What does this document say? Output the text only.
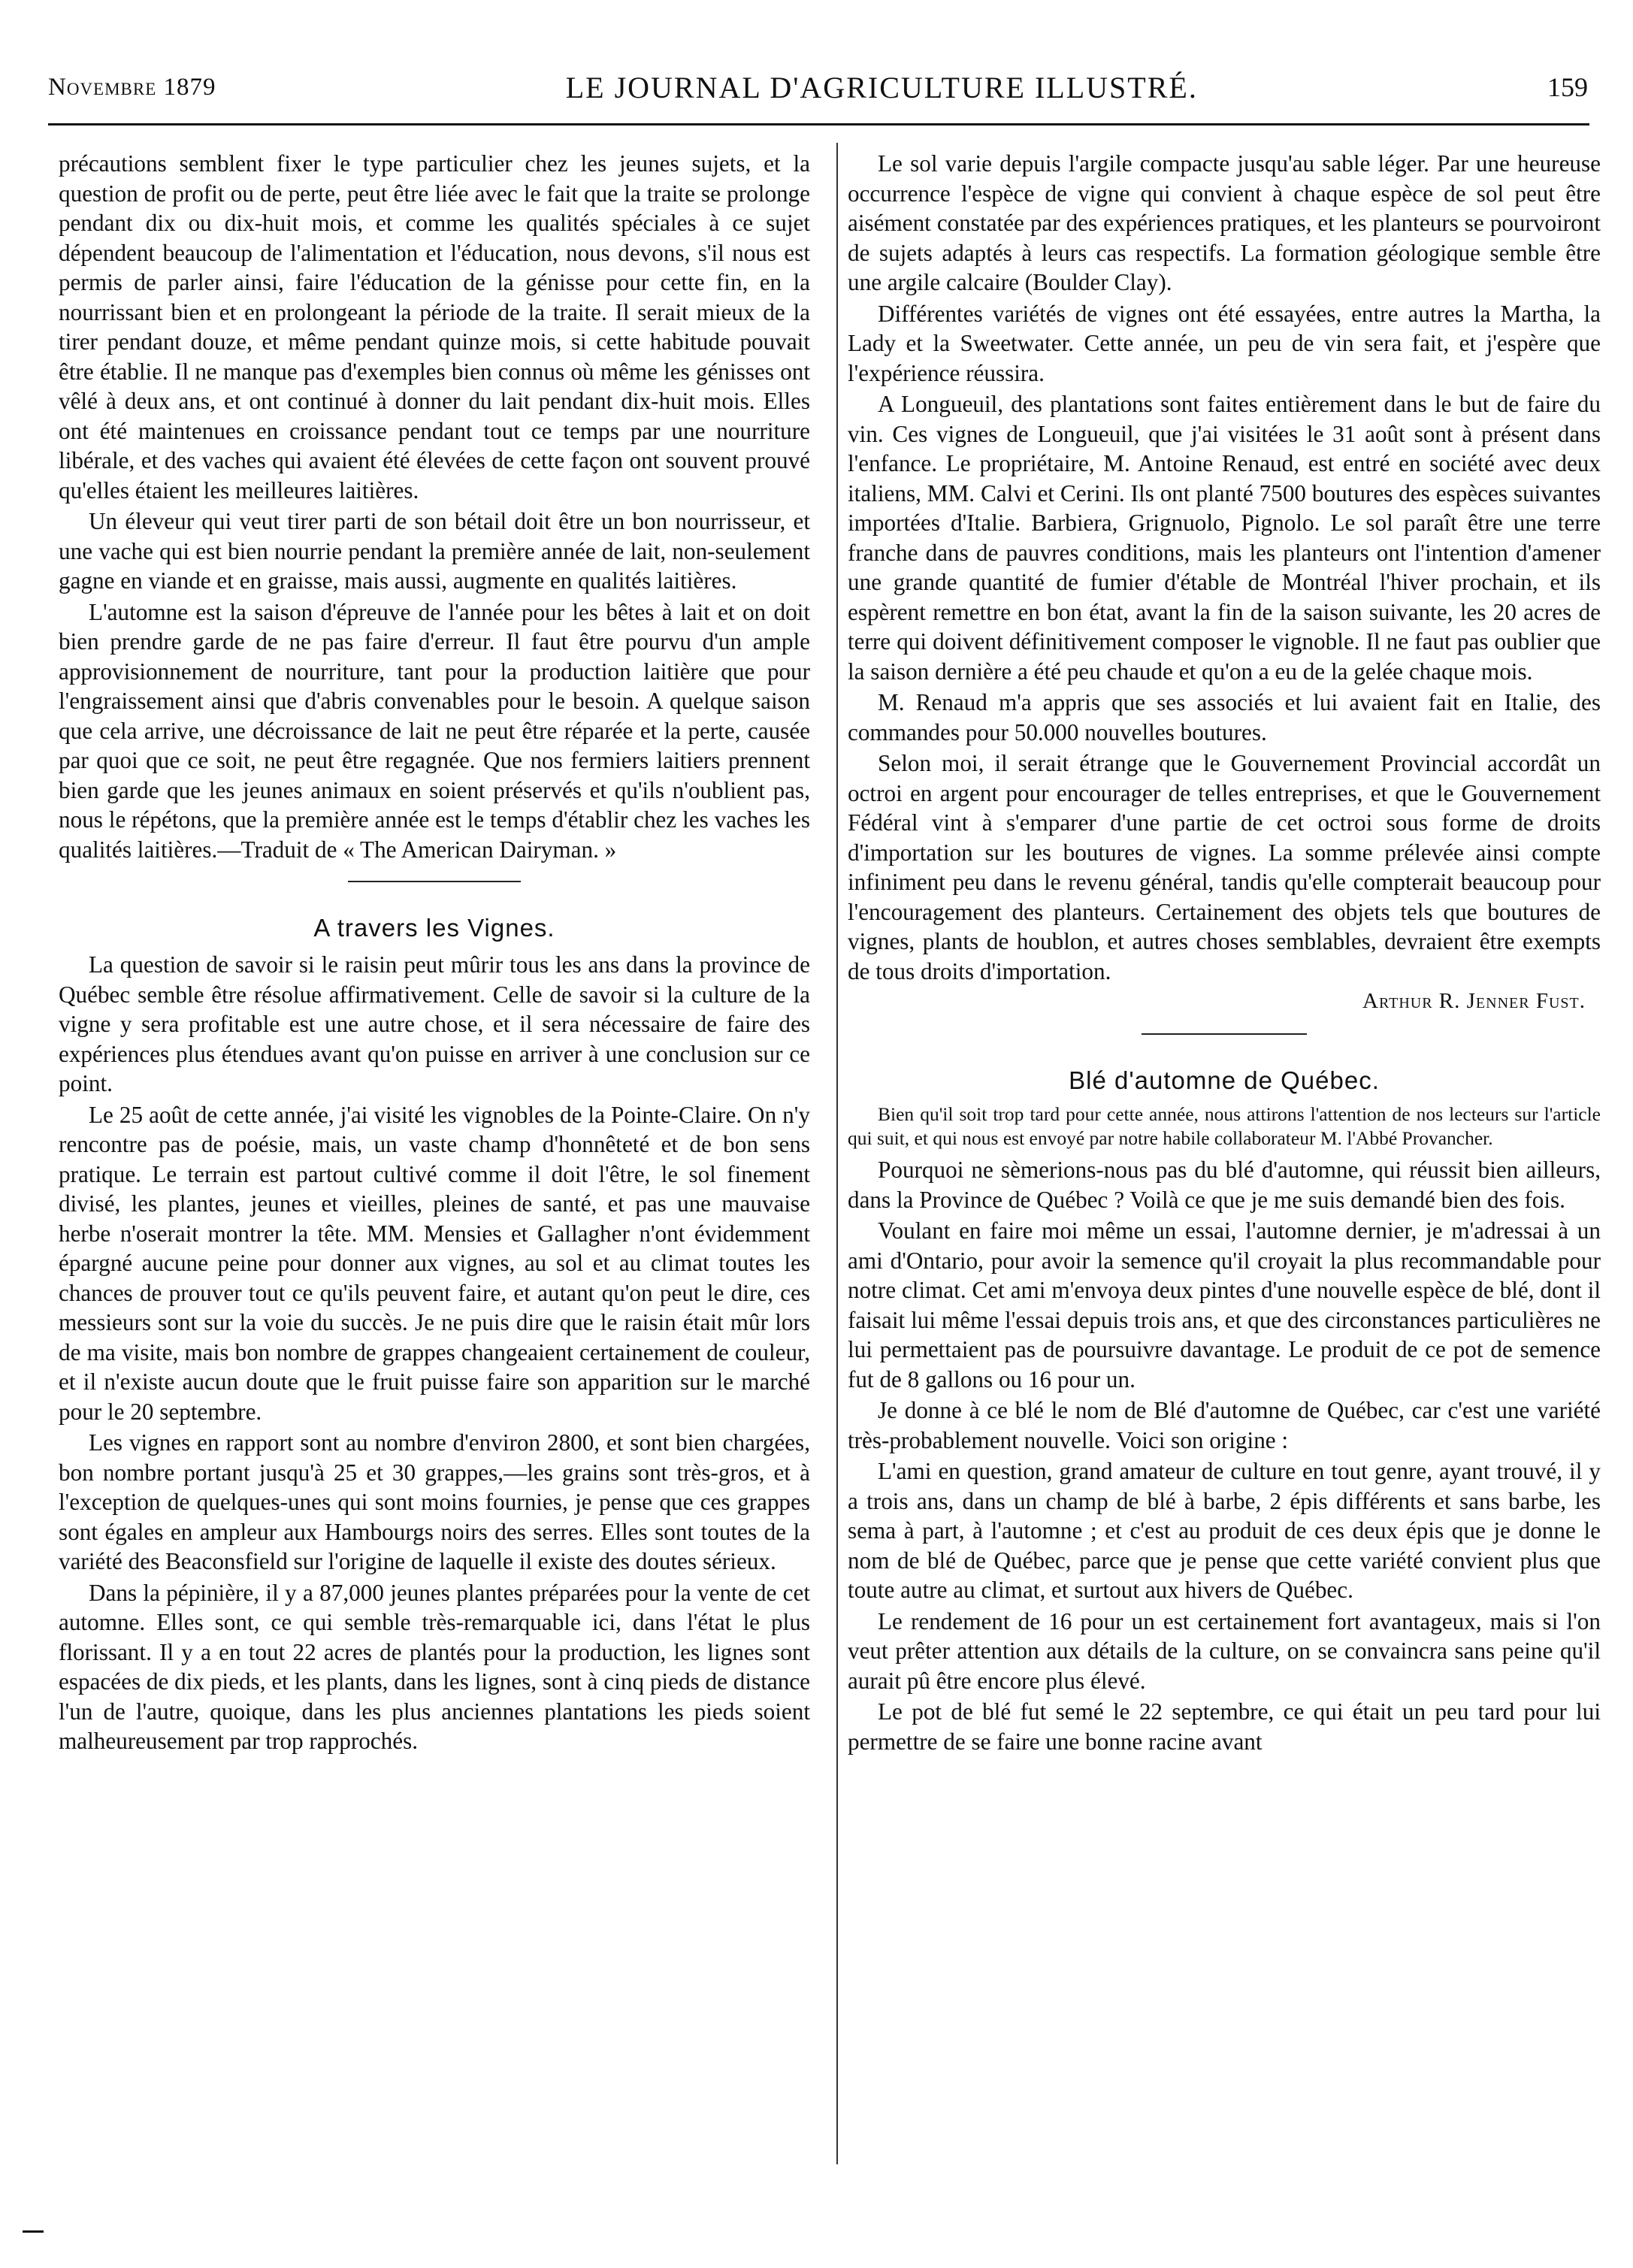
Novembre 1879	LE JOURNAL D'AGRICULTURE ILLUSTRÉ.	159

précautions semblent fixer le type particulier chez les jeunes sujets, et la question de profit ou de perte, peut être liée avec le fait que la traite se prolonge pendant dix ou dix-huit mois, et comme les qualités spéciales à ce sujet dépendent beaucoup de l'alimentation et l'éducation, nous devons, s'il nous est permis de parler ainsi, faire l'éducation de la génisse pour cette fin, en la nourrissant bien et en prolongeant la période de la traite. Il serait mieux de la tirer pendant douze, et même pendant quinze mois, si cette habitude pouvait être établie. Il ne manque pas d'exemples bien connus où même les génisses ont vêlé à deux ans, et ont continué à donner du lait pendant dix-huit mois. Elles ont été maintenues en croissance pendant tout ce temps par une nourriture libérale, et des vaches qui avaient été élevées de cette façon ont souvent prouvé qu'elles étaient les meilleures laitières.

Un éleveur qui veut tirer parti de son bétail doit être un bon nourrisseur, et une vache qui est bien nourrie pendant la première année de lait, non-seulement gagne en viande et en graisse, mais aussi, augmente en qualités laitières.

L'automne est la saison d'épreuve de l'année pour les bêtes à lait et on doit bien prendre garde de ne pas faire d'erreur. Il faut être pourvu d'un ample approvisionnement de nourriture, tant pour la production laitière que pour l'engraissement ainsi que d'abris convenables pour le besoin. A quelque saison que cela arrive, une décroissance de lait ne peut être réparée et la perte, causée par quoi que ce soit, ne peut être regagnée. Que nos fermiers laitiers prennent bien garde que les jeunes animaux en soient préservés et qu'ils n'oublient pas, nous le répétons, que la première année est le temps d'établir chez les vaches les qualités laitières.—Traduit de « The American Dairyman. »

A travers les Vignes.

La question de savoir si le raisin peut mûrir tous les ans dans la province de Québec semble être résolue affirmativement. Celle de savoir si la culture de la vigne y sera profitable est une autre chose, et il sera nécessaire de faire des expériences plus étendues avant qu'on puisse en arriver à une conclusion sur ce point.

Le 25 août de cette année, j'ai visité les vignobles de la Pointe-Claire. On n'y rencontre pas de poésie, mais, un vaste champ d'honnêteté et de bon sens pratique. Le terrain est partout cultivé comme il doit l'être, le sol finement divisé, les plantes, jeunes et vieilles, pleines de santé, et pas une mauvaise herbe n'oserait montrer la tête. MM. Mensies et Gallagher n'ont évidemment épargné aucune peine pour donner aux vignes, au sol et au climat toutes les chances de prouver tout ce qu'ils peuvent faire, et autant qu'on peut le dire, ces messieurs sont sur la voie du succès. Je ne puis dire que le raisin était mûr lors de ma visite, mais bon nombre de grappes changeaient certainement de couleur, et il n'existe aucun doute que le fruit puisse faire son apparition sur le marché pour le 20 septembre.

Les vignes en rapport sont au nombre d'environ 2800, et sont bien chargées, bon nombre portant jusqu'à 25 et 30 grappes,—les grains sont très-gros, et à l'exception de quelques-unes qui sont moins fournies, je pense que ces grappes sont égales en ampleur aux Hambourgs noirs des serres. Elles sont toutes de la variété des Beaconsfield sur l'origine de laquelle il existe des doutes sérieux.

Dans la pépinière, il y a 87,000 jeunes plantes préparées pour la vente de cet automne. Elles sont, ce qui semble très-remarquable ici, dans l'état le plus florissant. Il y a en tout 22 acres de plantés pour la production, les lignes sont espacées de dix pieds, et les plants, dans les lignes, sont à cinq pieds de distance l'un de l'autre, quoique, dans les plus anciennes plantations les pieds soient malheureusement par trop rapprochés.

Le sol varie depuis l'argile compacte jusqu'au sable léger. Par une heureuse occurrence l'espèce de vigne qui convient à chaque espèce de sol peut être aisément constatée par des expériences pratiques, et les planteurs se pourvoiront de sujets adaptés à leurs cas respectifs. La formation géologique semble être une argile calcaire (Boulder Clay).

Différentes variétés de vignes ont été essayées, entre autres la Martha, la Lady et la Sweetwater. Cette année, un peu de vin sera fait, et j'espère que l'expérience réussira.

A Longueuil, des plantations sont faites entièrement dans le but de faire du vin. Ces vignes de Longueuil, que j'ai visitées le 31 août sont à présent dans l'enfance. Le propriétaire, M. Antoine Renaud, est entré en société avec deux italiens, MM. Calvi et Cerini. Ils ont planté 7500 boutures des espèces suivantes importées d'Italie. Barbiera, Grignuolo, Pignolo. Le sol paraît être une terre franche dans de pauvres conditions, mais les planteurs ont l'intention d'amener une grande quantité de fumier d'étable de Montréal l'hiver prochain, et ils espèrent remettre en bon état, avant la fin de la saison suivante, les 20 acres de terre qui doivent définitivement composer le vignoble. Il ne faut pas oublier que la saison dernière a été peu chaude et qu'on a eu de la gelée chaque mois.

M. Renaud m'a appris que ses associés et lui avaient fait en Italie, des commandes pour 50.000 nouvelles boutures.

Selon moi, il serait étrange que le Gouvernement Provincial accordât un octroi en argent pour encourager de telles entreprises, et que le Gouvernement Fédéral vint à s'emparer d'une partie de cet octroi sous forme de droits d'importation sur les boutures de vignes. La somme prélevée ainsi compte infiniment peu dans le revenu général, tandis qu'elle compterait beaucoup pour l'encouragement des planteurs. Certainement des objets tels que boutures de vignes, plants de houblon, et autres choses semblables, devraient être exempts de tous droits d'importation.

Arthur R. Jenner Fust.
Blé d'automne de Québec.

Bien qu'il soit trop tard pour cette année, nous attirons l'attention de nos lecteurs sur l'article qui suit, et qui nous est envoyé par notre habile collaborateur M. l'Abbé Provancher.

Pourquoi ne sèmerions-nous pas du blé d'automne, qui réussit bien ailleurs, dans la Province de Québec ? Voilà ce que je me suis demandé bien des fois.

Voulant en faire moi même un essai, l'automne dernier, je m'adressai à un ami d'Ontario, pour avoir la semence qu'il croyait la plus recommandable pour notre climat. Cet ami m'envoya deux pintes d'une nouvelle espèce de blé, dont il faisait lui même l'essai depuis trois ans, et que des circonstances particulières ne lui permettaient pas de poursuivre davantage. Le produit de ce pot de semence fut de 8 gallons ou 16 pour un.

Je donne à ce blé le nom de Blé d'automne de Québec, car c'est une variété très-probablement nouvelle. Voici son origine :

L'ami en question, grand amateur de culture en tout genre, ayant trouvé, il y a trois ans, dans un champ de blé à barbe, 2 épis différents et sans barbe, les sema à part, à l'automne ; et c'est au produit de ces deux épis que je donne le nom de blé de Québec, parce que je pense que cette variété convient plus que toute autre au climat, et surtout aux hivers de Québec.

Le rendement de 16 pour un est certainement fort avantageux, mais si l'on veut prêter attention aux détails de la culture, on se convaincra sans peine qu'il aurait pû être encore plus élevé.

Le pot de blé fut semé le 22 septembre, ce qui était un peu tard pour lui permettre de se faire une bonne racine avant
